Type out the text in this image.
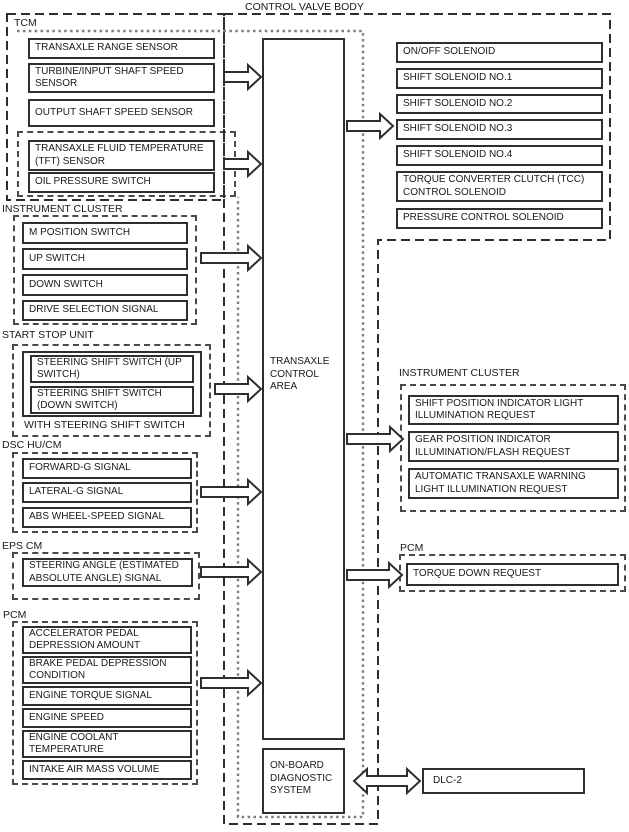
CONTROL VALVE BODY
TCM
TRANSAXLE RANGE SENSOR
TURBINE/INPUT SHAFT SPEED SENSOR
OUTPUT SHAFT SPEED SENSOR
TRANSAXLE FLUID TEMPERATURE (TFT) SENSOR
OIL PRESSURE SWITCH
INSTRUMENT CLUSTER
M POSITION SWITCH
UP SWITCH
DOWN SWITCH
DRIVE SELECTION SIGNAL
START STOP UNIT
STEERING SHIFT SWITCH (UP SWITCH)
STEERING SHIFT SWITCH (DOWN SWITCH)
WITH STEERING SHIFT SWITCH
DSC HU/CM
FORWARD-G SIGNAL
LATERAL-G SIGNAL
ABS WHEEL-SPEED SIGNAL
EPS CM
STEERING ANGLE (ESTIMATED ABSOLUTE ANGLE) SIGNAL
PCM
ACCELERATOR PEDAL DEPRESSION AMOUNT
BRAKE PEDAL DEPRESSION CONDITION
ENGINE TORQUE SIGNAL
ENGINE SPEED
ENGINE COOLANT TEMPERATURE
INTAKE AIR MASS VOLUME
TRANSAXLE CONTROL AREA
ON-BOARD DIAGNOSTIC SYSTEM
ON/OFF SOLENOID
SHIFT SOLENOID NO.1
SHIFT SOLENOID NO.2
SHIFT SOLENOID NO.3
SHIFT SOLENOID NO.4
TORQUE CONVERTER CLUTCH (TCC) CONTROL SOLENOID
PRESSURE CONTROL SOLENOID
INSTRUMENT CLUSTER
SHIFT POSITION INDICATOR LIGHT ILLUMINATION REQUEST
GEAR POSITION INDICATOR ILLUMINATION/FLASH REQUEST
AUTOMATIC TRANSAXLE WARNING LIGHT ILLUMINATION REQUEST
PCM
TORQUE DOWN REQUEST
DLC-2
